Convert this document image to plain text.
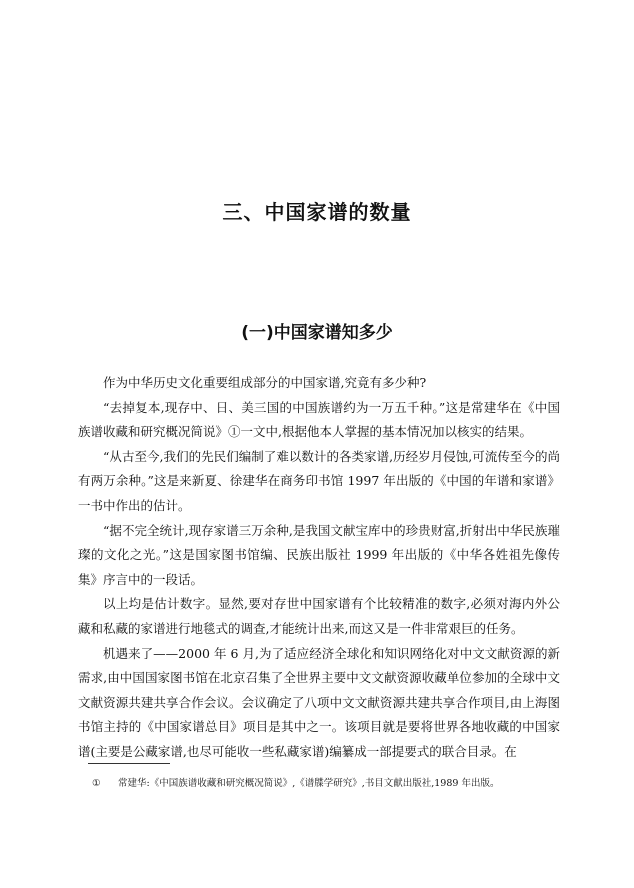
三、中国家谱的数量
(一)中国家谱知多少

作为中华历史文化重要组成部分的中国家谱,究竟有多少种?

“去掉复本,现存中、日、美三国的中国族谱约为一万五千种。”这是常建华在《中国族谱收藏和研究概况简说》①一文中,根据他本人掌握的基本情况加以核实的结果。

“从古至今,我们的先民们编制了难以数计的各类家谱,历经岁月侵蚀,可流传至今的尚有两万余种。”这是来新夏、徐建华在商务印书馆 1997 年出版的《中国的年谱和家谱》一书中作出的估计。

“据不完全统计,现存家谱三万余种,是我国文献宝库中的珍贵财富,折射出中华民族璀璨的文化之光。”这是国家图书馆编、民族出版社 1999 年出版的《中华各姓祖先像传集》序言中的一段话。

以上均是估计数字。显然,要对存世中国家谱有个比较精准的数字,必须对海内外公藏和私藏的家谱进行地毯式的调查,才能统计出来,而这又是一件非常艰巨的任务。

机遇来了——2000 年 6 月,为了适应经济全球化和知识网络化对中文文献资源的新需求,由中国国家图书馆在北京召集了全世界主要中文文献资源收藏单位参加的全球中文文献资源共建共享合作会议。会议确定了八项中文文献资源共建共享合作项目,由上海图书馆主持的《中国家谱总目》项目是其中之一。该项目就是要将世界各地收藏的中国家谱(主要是公藏家谱,也尽可能收一些私藏家谱)编纂成一部提要式的联合目录。在

① 常建华:《中国族谱收藏和研究概况简说》,《谱牒学研究》,书目文献出版社,1989 年出版。
